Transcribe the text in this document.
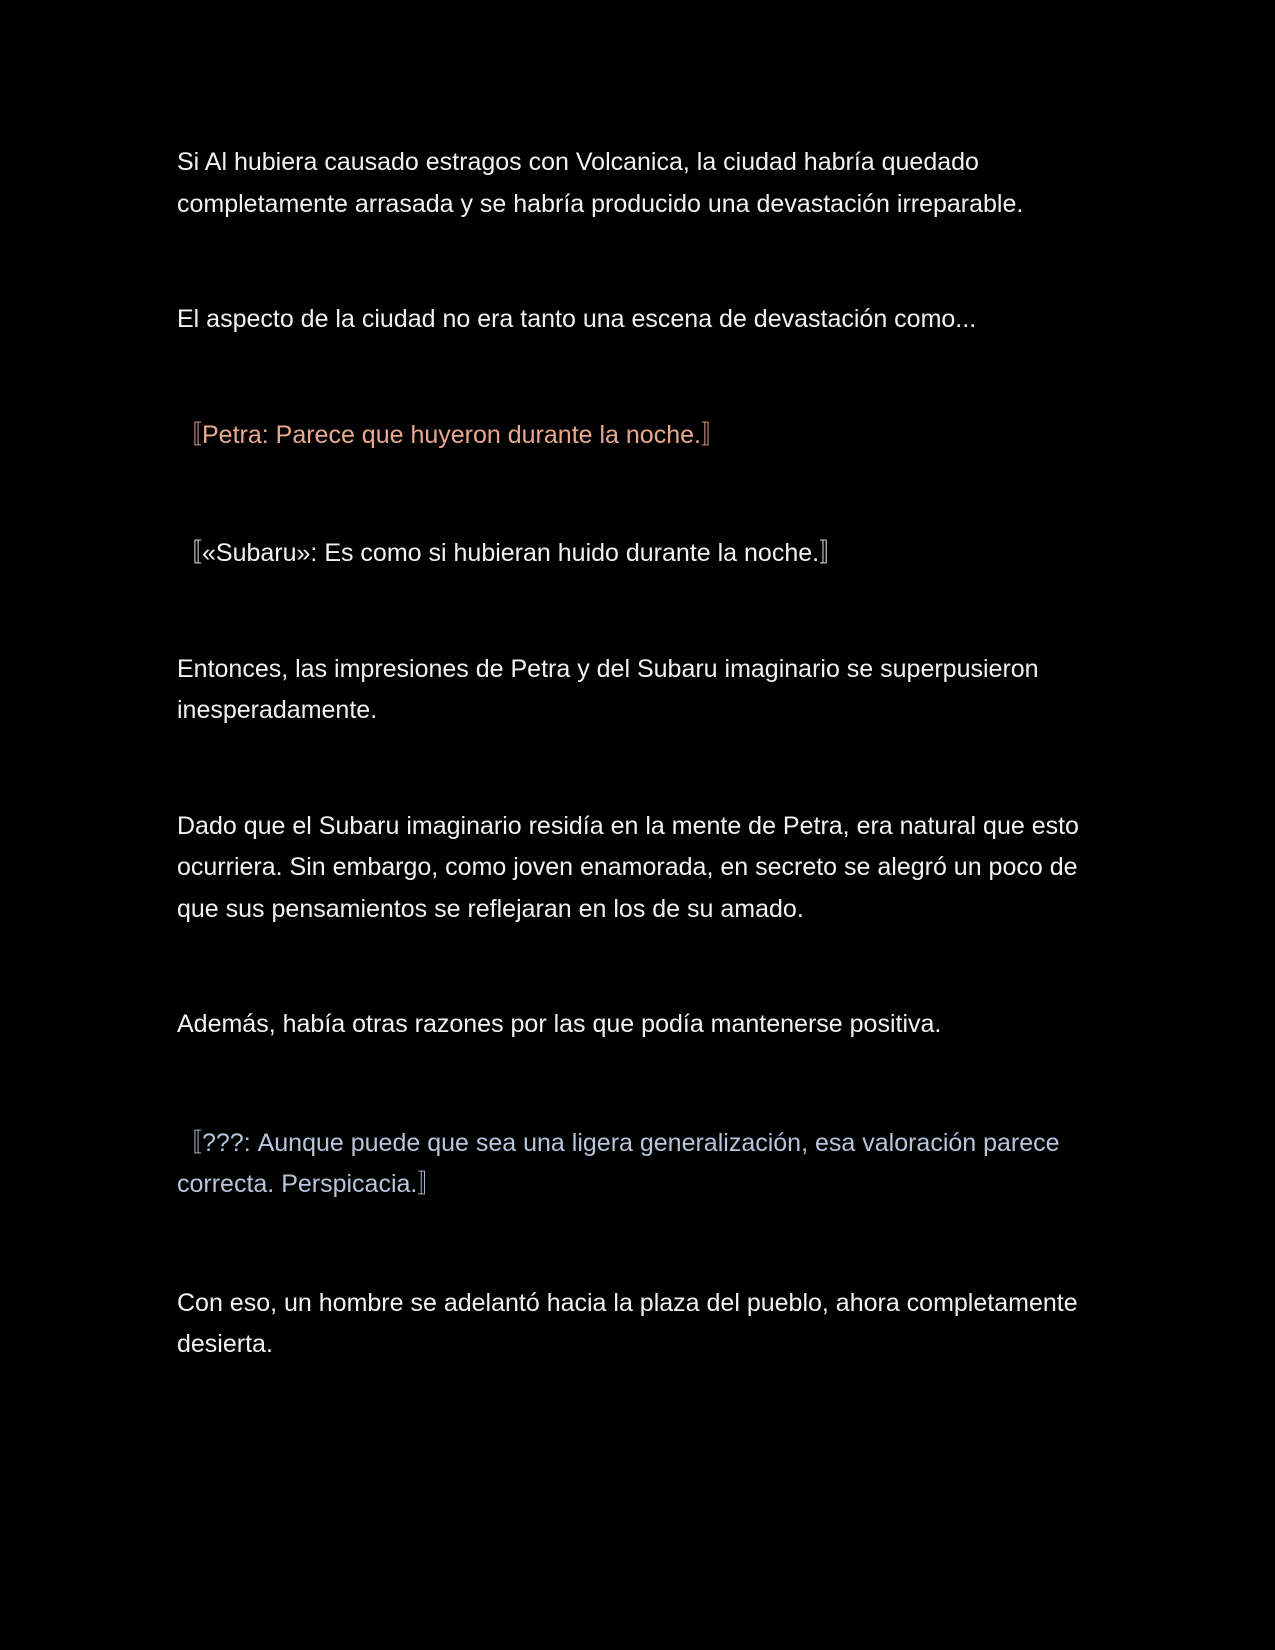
Si Al hubiera causado estragos con Volcanica, la ciudad habría quedado completamente arrasada y se habría producido una devastación irreparable.

El aspecto de la ciudad no era tanto una escena de devastación como...

〚Petra: Parece que huyeron durante la noche.〛

〚«Subaru»: Es como si hubieran huido durante la noche.〛

Entonces, las impresiones de Petra y del Subaru imaginario se superpusieron inesperadamente.

Dado que el Subaru imaginario residía en la mente de Petra, era natural que esto ocurriera. Sin embargo, como joven enamorada, en secreto se alegró un poco de que sus pensamientos se reflejaran en los de su amado.

Además, había otras razones por las que podía mantenerse positiva.

〚???: Aunque puede que sea una ligera generalización, esa valoración parece correcta. Perspicacia.〛

Con eso, un hombre se adelantó hacia la plaza del pueblo, ahora completamente desierta.
